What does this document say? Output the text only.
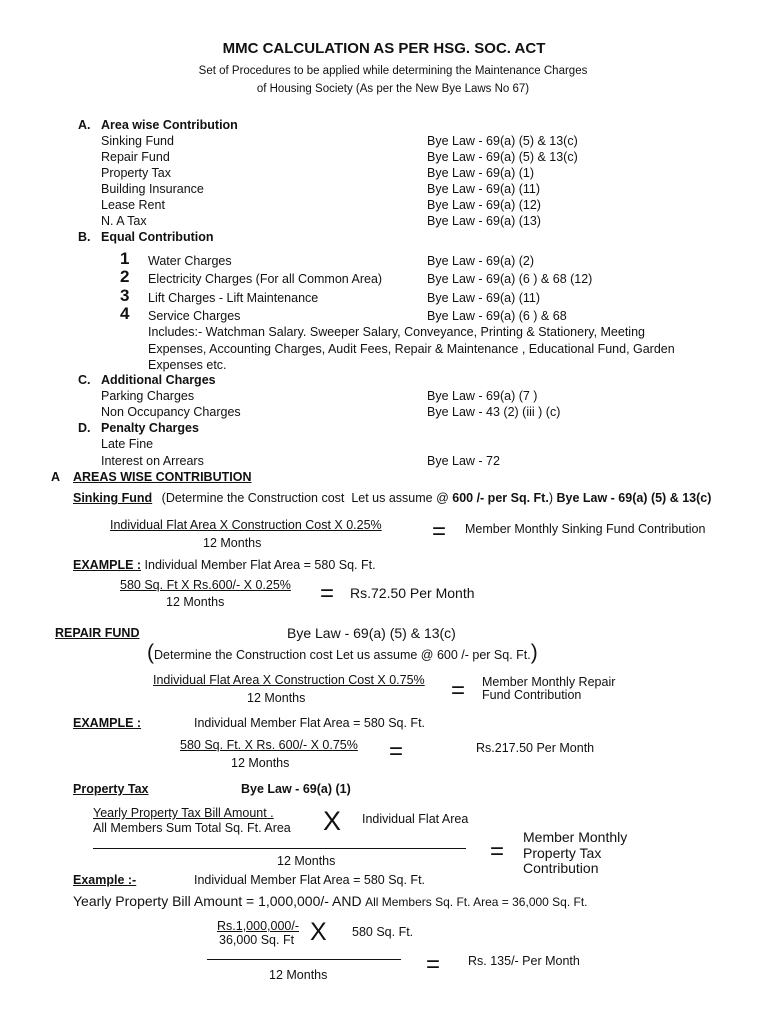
MMC CALCULATION AS PER HSG. SOC. ACT
Set of Procedures to be applied while determining the Maintenance Charges
of Housing Society (As per the New Bye Laws No 67)
A. Area wise Contribution
Sinking Fund	Bye Law - 69(a) (5) & 13(c)
Repair Fund	Bye Law - 69(a) (5) & 13(c)
Property Tax	Bye Law - 69(a) (1)
Building Insurance	Bye Law - 69(a) (11)
Lease Rent	Bye Law - 69(a) (12)
N. A Tax	Bye Law - 69(a) (13)
B. Equal Contribution
1 Water Charges	Bye Law - 69(a) (2)
2 Electricity Charges (For all Common Area)	Bye Law - 69(a) (6 ) & 68 (12)
3 Lift Charges - Lift Maintenance	Bye Law - 69(a) (11)
4 Service Charges	Bye Law - 69(a) (6 ) & 68
Includes:- Watchman Salary. Sweeper Salary, Conveyance, Printing & Stationery, Meeting
Expenses, Accounting Charges, Audit Fees, Repair & Maintenance , Educational Fund, Garden
Expenses etc.
C. Additional Charges
Parking Charges	Bye Law - 69(a) (7 )
Non Occupancy Charges	Bye Law - 43 (2) (iii ) (c)
D. Penalty Charges
Late Fine
Interest on Arrears	Bye Law - 72
A AREAS WISE CONTRIBUTION
Sinking Fund (Determine the Construction cost  Let us assume @ 600 /- per Sq. Ft.) Bye Law - 69(a) (5) & 13(c)
Individual Flat Area X Construction Cost X 0.25%
12 Months	= Member Monthly Sinking Fund Contribution
EXAMPLE : Individual Member Flat Area = 580 Sq. Ft.
580 Sq. Ft X Rs.600/- X 0.25%
12 Months	= Rs.72.50 Per Month
REPAIR FUND	Bye Law - 69(a) (5) & 13(c)
(Determine the Construction cost Let us assume @ 600 /- per Sq. Ft.)
Individual Flat Area X Construction Cost X 0.75%
12 Months	= Member Monthly Repair
Fund Contribution
EXAMPLE :	Individual Member Flat Area = 580 Sq. Ft.
580 Sq. Ft. X Rs. 600/- X 0.75%
12 Months	=	Rs.217.50 Per Month
Property Tax	Bye Law - 69(a) (1)
Yearly Property Tax Bill Amount .
All Members Sum Total Sq. Ft. Area X Individual Flat Area
12 Months	=
Member Monthly
Property Tax
Contribution
Example :-	Individual Member Flat Area = 580 Sq. Ft.
Yearly Property Bill Amount = 1,000,000/- AND All Members Sq. Ft. Area = 36,000 Sq. Ft.
Rs.1,000,000/-
36,000 Sq. Ft X 580 Sq. Ft.
12 Months	= Rs. 135/- Per Month
